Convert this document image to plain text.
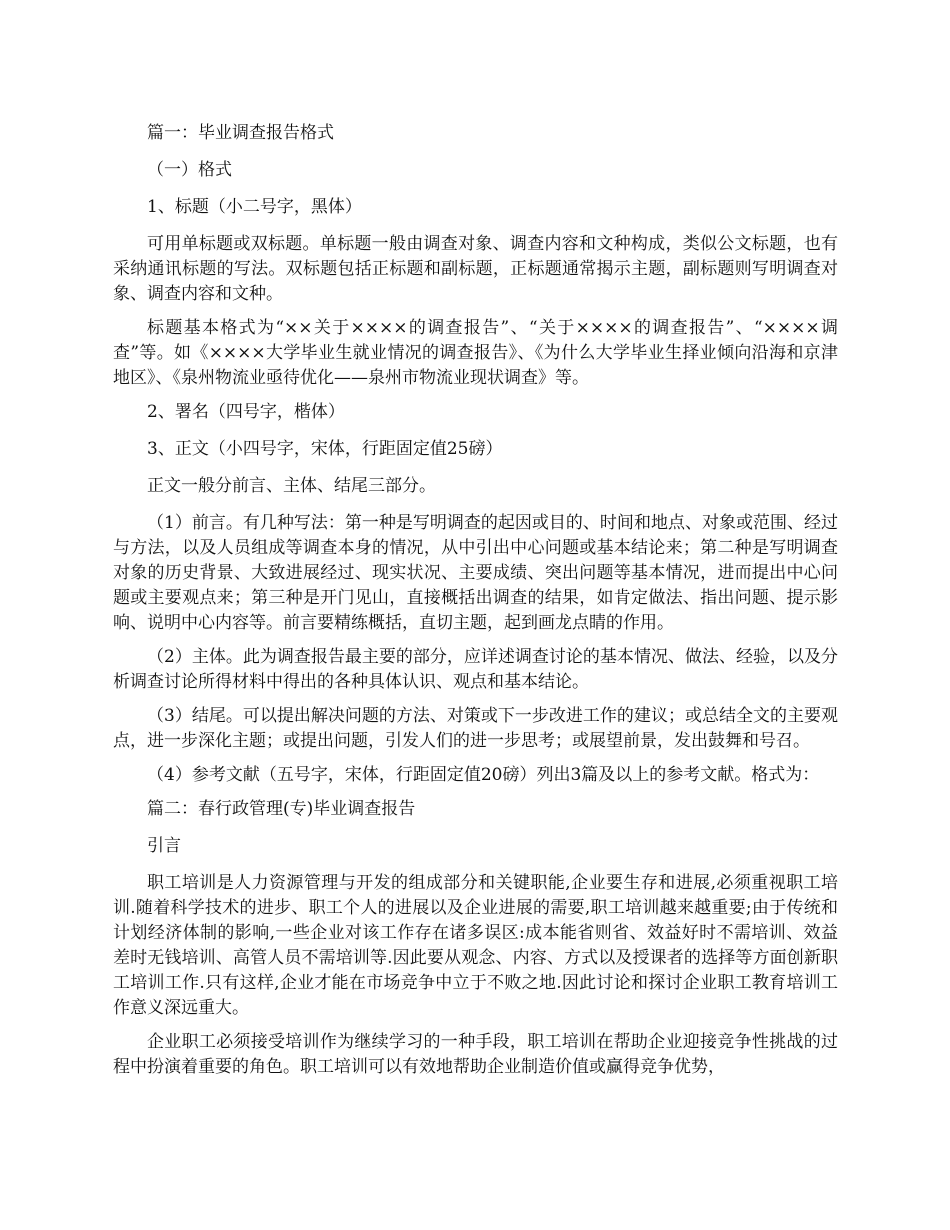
篇一：毕业调查报告格式

（一）格式

1、标题（小二号字，黑体）

可用单标题或双标题。单标题一般由调查对象、调查内容和文种构成，类似公文标题，也有采纳通讯标题的写法。双标题包括正标题和副标题，正标题通常揭示主题，副标题则写明调查对象、调查内容和文种。

标题基本格式为“××关于××××的调查报告”、“关于××××的调查报告”、“××××调查”等。如《××××大学毕业生就业情况的调查报告》、《为什么大学毕业生择业倾向沿海和京津地区》、《泉州物流业亟待优化——泉州市物流业现状调查》等。

2、署名（四号字，楷体）

3、正文（小四号字，宋体，行距固定值25磅）

正文一般分前言、主体、结尾三部分。

（1）前言。有几种写法：第一种是写明调查的起因或目的、时间和地点、对象或范围、经过与方法，以及人员组成等调查本身的情况，从中引出中心问题或基本结论来；第二种是写明调查对象的历史背景、大致进展经过、现实状况、主要成绩、突出问题等基本情况，进而提出中心问题或主要观点来；第三种是开门见山，直接概括出调查的结果，如肯定做法、指出问题、提示影响、说明中心内容等。前言要精练概括，直切主题，起到画龙点睛的作用。

（2）主体。此为调查报告最主要的部分，应详述调查讨论的基本情况、做法、经验，以及分析调查讨论所得材料中得出的各种具体认识、观点和基本结论。

（3）结尾。可以提出解决问题的方法、对策或下一步改进工作的建议；或总结全文的主要观点，进一步深化主题；或提出问题，引发人们的进一步思考；或展望前景，发出鼓舞和号召。

（4）参考文献（五号字，宋体，行距固定值20磅）列出3篇及以上的参考文献。格式为：

篇二：春行政管理(专)毕业调查报告

引言

职工培训是人力资源管理与开发的组成部分和关键职能,企业要生存和进展,必须重视职工培训.随着科学技术的进步、职工个人的进展以及企业进展的需要,职工培训越来越重要;由于传统和计划经济体制的影响,一些企业对该工作存在诸多误区:成本能省则省、效益好时不需培训、效益差时无钱培训、高管人员不需培训等.因此要从观念、内容、方式以及授课者的选择等方面创新职工培训工作.只有这样,企业才能在市场竞争中立于不败之地.因此讨论和探讨企业职工教育培训工作意义深远重大。

企业职工必须接受培训作为继续学习的一种手段，职工培训在帮助企业迎接竞争性挑战的过程中扮演着重要的角色。职工培训可以有效地帮助企业制造价值或赢得竞争优势，
